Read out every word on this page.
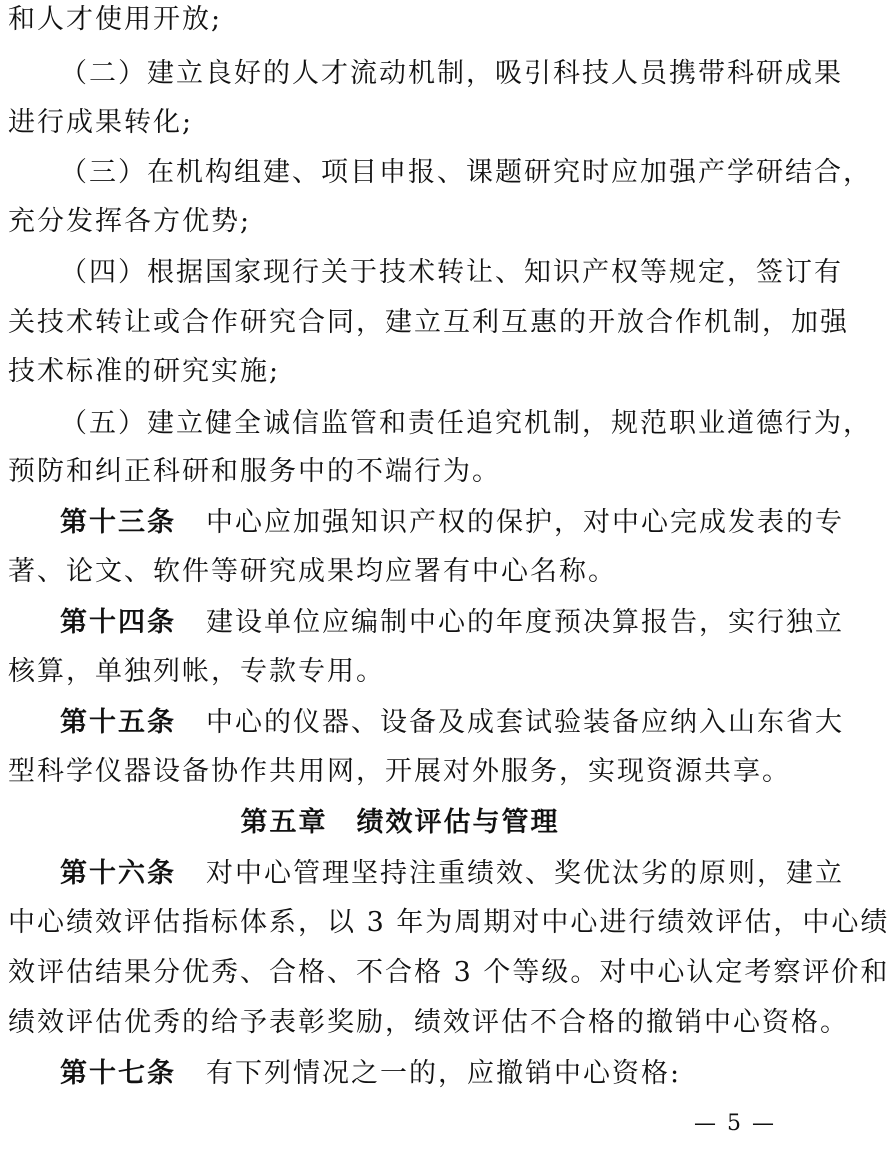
和人才使用开放;
（二）建立良好的人才流动机制，吸引科技人员携带科研成果
进行成果转化;
（三）在机构组建、项目申报、课题研究时应加强产学研结合，
充分发挥各方优势;
（四）根据国家现行关于技术转让、知识产权等规定，签订有
关技术转让或合作研究合同，建立互利互惠的开放合作机制，加强
技术标准的研究实施;
（五）建立健全诚信监管和责任追究机制，规范职业道德行为，
预防和纠正科研和服务中的不端行为。
第十三条 中心应加强知识产权的保护，对中心完成发表的专
著、论文、软件等研究成果均应署有中心名称。
第十四条 建设单位应编制中心的年度预决算报告，实行独立
核算，单独列帐，专款专用。
第十五条 中心的仪器、设备及成套试验装备应纳入山东省大
型科学仪器设备协作共用网，开展对外服务，实现资源共享。
第五章　绩效评估与管理
第十六条 对中心管理坚持注重绩效、奖优汰劣的原则，建立
中心绩效评估指标体系，以 3 年为周期对中心进行绩效评估，中心绩
效评估结果分优秀、合格、不合格 3 个等级。对中心认定考察评价和
绩效评估优秀的给予表彰奖励，绩效评估不合格的撤销中心资格。
第十七条 有下列情况之一的，应撤销中心资格:
— 5 —
